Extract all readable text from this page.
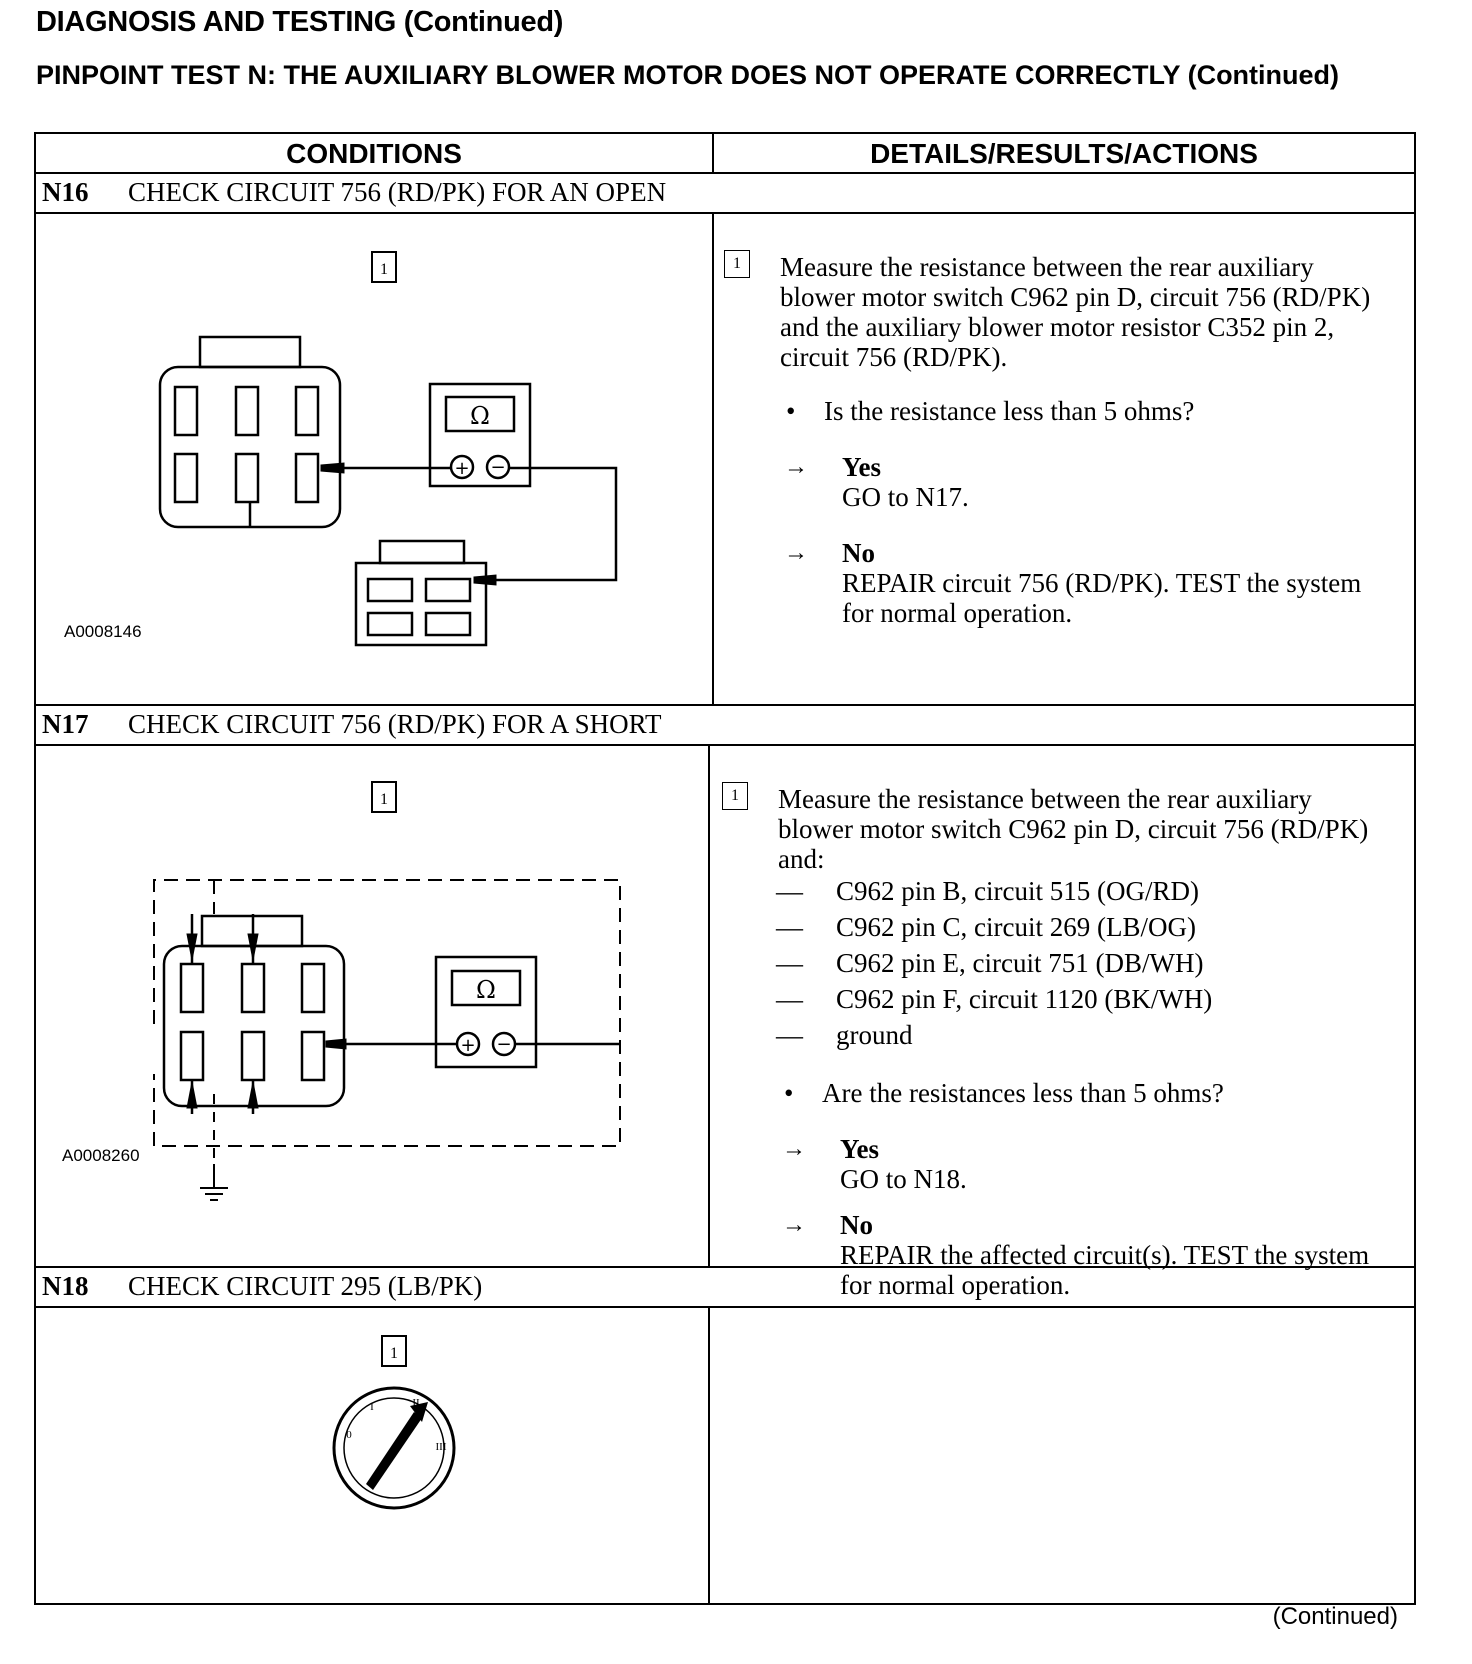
DIAGNOSIS AND TESTING (Continued)
PINPOINT TEST N: THE AUXILIARY BLOWER MOTOR DOES NOT OPERATE CORRECTLY (Continued)
CONDITIONS	DETAILS/RESULTS/ACTIONS
N16	CHECK CIRCUIT 756 (RD/PK) FOR AN OPEN
Ω
+ −
1
A0008146
1	Measure the resistance between the rear auxiliary blower motor switch C962 pin D, circuit 756 (RD/PK) and the auxiliary blower motor resistor C352 pin 2, circuit 756 (RD/PK).

• Is the resistance less than 5 ohms?

→ Yes

GO to N17.

→ No

REPAIR circuit 756 (RD/PK). TEST the system for normal operation.

N17	CHECK CIRCUIT 756 (RD/PK) FOR A SHORT
Ω
+ −
1
A0008260
1	Measure the resistance between the rear auxiliary blower motor switch C962 pin D, circuit 756 (RD/PK) and:

— C962 pin B, circuit 515 (OG/RD)
— C962 pin C, circuit 269 (LB/OG)
— C962 pin E, circuit 751 (DB/WH)
— C962 pin F, circuit 1120 (BK/WH)
— ground
• Are the resistances less than 5 ohms?

→ Yes

GO to N18.

→ No

REPAIR the affected circuit(s). TEST the system for normal operation.

N18	CHECK CIRCUIT 295 (LB/PK)
1
0
I	II
III
(Continued)
